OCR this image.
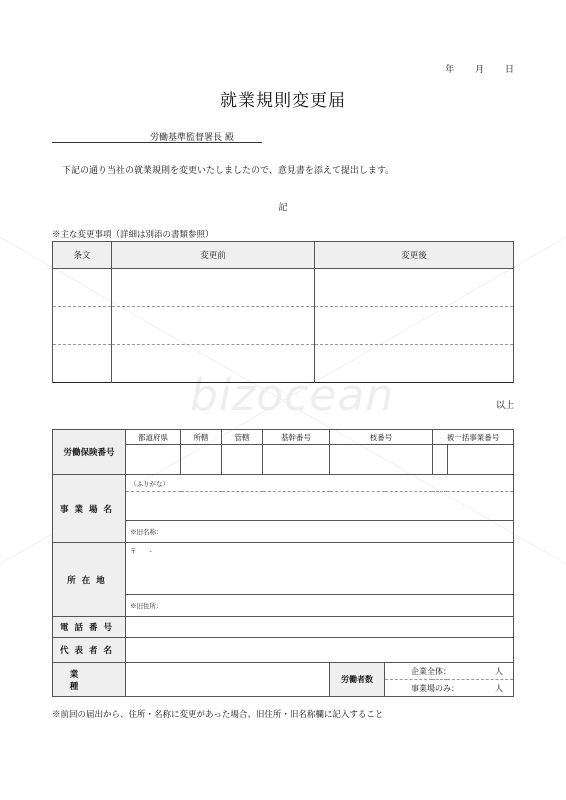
bizocean
年 月 日
就業規則変更届
労働基準監督署長 殿
下記の通り当社の就業規則を変更いたしましたので、意見書を添えて提出します。
記
※主な変更事項（詳細は別添の書類参照）
条文	変更前	変更後

以上
労働保険番号	都道府県	所轄	管轄	基幹番号	枝番号		被一括事業番号	

事業場名	（ふりがな）							

	※旧名称：							
所在地	〒　　-							
	※旧住所：							
電話番号								
代表者名								
業種					労働者数	企業全体： 人		

						事業場のみ： 人		
※前回の届出から、住所・名称に変更があった場合、旧住所・旧名称欄に記入すること
